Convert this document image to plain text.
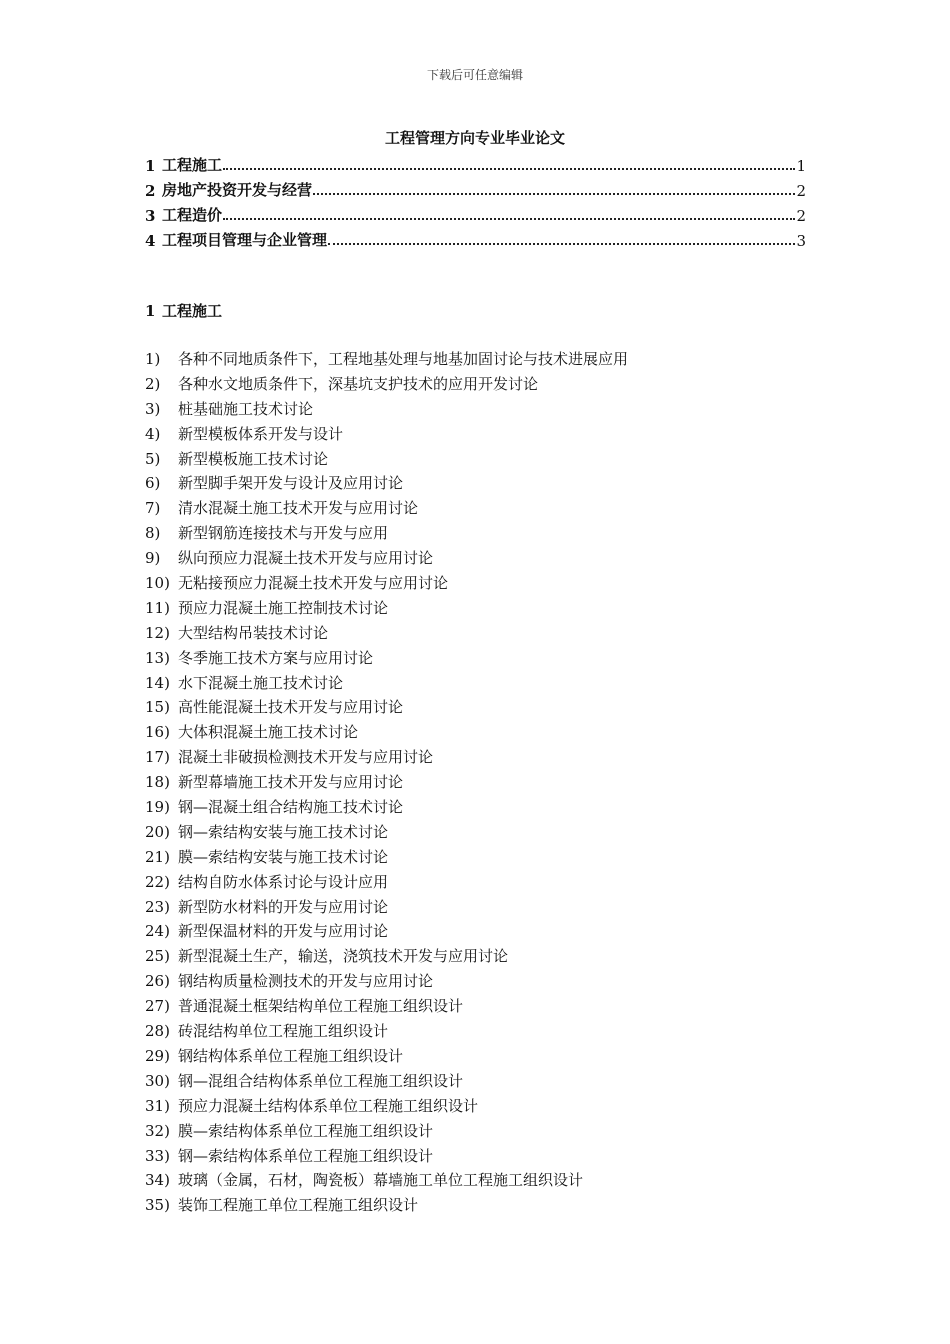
下载后可任意编辑
工程管理方向专业毕业论文
1 工程施工	1
2 房地产投资开发与经营	2
3 工程造价	2
4 工程项目管理与企业管理	3
1 工程施工
1)	各种不同地质条件下，工程地基处理与地基加固讨论与技术进展应用
2)	各种水文地质条件下，深基坑支护技术的应用开发讨论
3)	桩基础施工技术讨论
4)	新型模板体系开发与设计
5)	新型模板施工技术讨论
6)	新型脚手架开发与设计及应用讨论
7)	清水混凝土施工技术开发与应用讨论
8)	新型钢筋连接技术与开发与应用
9)	纵向预应力混凝土技术开发与应用讨论
10) 无粘接预应力混凝土技术开发与应用讨论
11) 预应力混凝土施工控制技术讨论
12) 大型结构吊装技术讨论
13) 冬季施工技术方案与应用讨论
14) 水下混凝土施工技术讨论
15) 高性能混凝土技术开发与应用讨论
16) 大体积混凝土施工技术讨论
17) 混凝土非破损检测技术开发与应用讨论
18) 新型幕墙施工技术开发与应用讨论
19) 钢—混凝土组合结构施工技术讨论
20) 钢—索结构安装与施工技术讨论
21) 膜—索结构安装与施工技术讨论
22) 结构自防水体系讨论与设计应用
23) 新型防水材料的开发与应用讨论
24) 新型保温材料的开发与应用讨论
25) 新型混凝土生产，输送，浇筑技术开发与应用讨论
26) 钢结构质量检测技术的开发与应用讨论
27) 普通混凝土框架结构单位工程施工组织设计
28) 砖混结构单位工程施工组织设计
29) 钢结构体系单位工程施工组织设计
30) 钢—混组合结构体系单位工程施工组织设计
31) 预应力混凝土结构体系单位工程施工组织设计
32) 膜—索结构体系单位工程施工组织设计
33) 钢—索结构体系单位工程施工组织设计
34) 玻璃（金属，石材，陶瓷板）幕墙施工单位工程施工组织设计
35) 装饰工程施工单位工程施工组织设计
